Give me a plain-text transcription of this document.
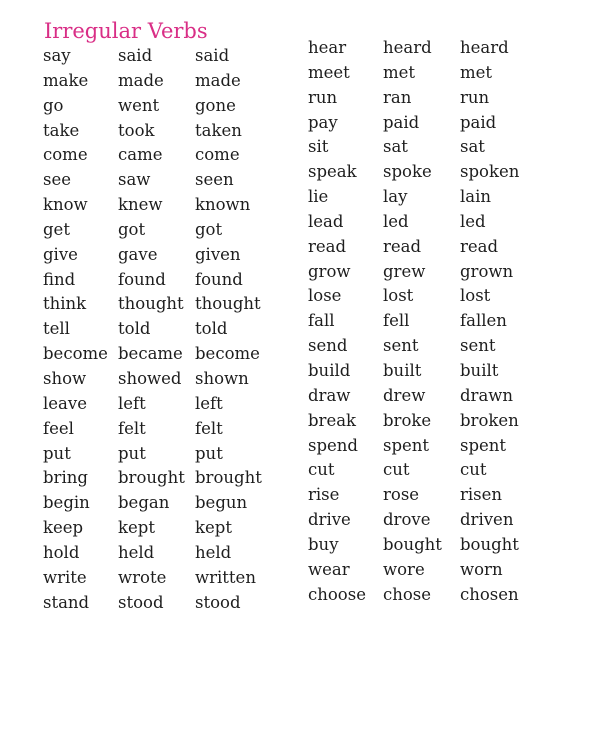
Irregular Verbs
say	said	said
make	made	made
go	went	gone
take	took	taken
come	came	come
see	saw	seen
know	knew	known
get	got	got
give	gave	given
find	found	found
think	thought	thought
tell	told	told
become	became	become
show	showed	shown
leave	left	left
feel	felt	felt
put	put	put
bring	brought	brought
begin	began	begun
keep	kept	kept
hold	held	held
write	wrote	written
stand	stood	stood
hear	heard	heard
meet	met	met
run	ran	run
pay	paid	paid
sit	sat	sat
speak	spoke	spoken
lie	lay	lain
lead	led	led
read	read	read
grow	grew	grown
lose	lost	lost
fall	fell	fallen
send	sent	sent
build	built	built
draw	drew	drawn
break	broke	broken
spend	spent	spent
cut	cut	cut
rise	rose	risen
drive	drove	driven
buy	bought	bought
wear	wore	worn
choose	chose	chosen
